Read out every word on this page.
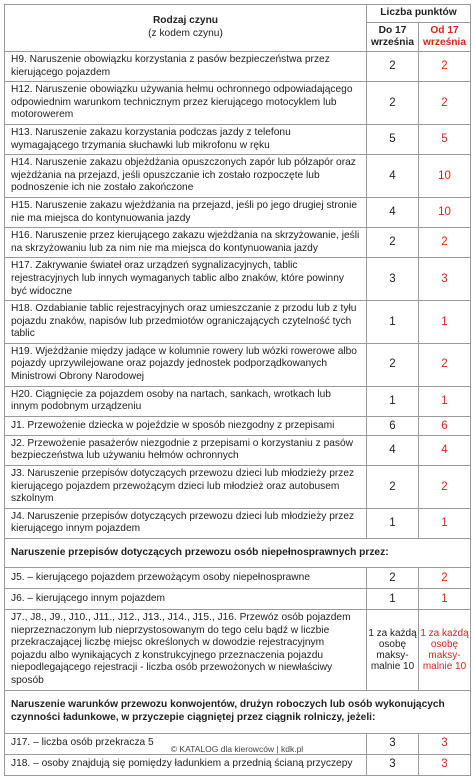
Rodzaj czynu
(z kodem czynu)	Liczba punktów	
	Do 17 września	Od 17 września
H9. Naruszenie obowiązku korzystania z pasów bezpieczeństwa przez kierującego pojazdem	2	2
H12. Naruszenie obowiązku używania hełmu ochronnego odpowiadającego odpowiednim warunkom technicznym przez kierującego motocyklem lub motorowerem	2	2
H13. Naruszenie zakazu korzystania podczas jazdy z telefonu wymagającego trzymania słuchawki lub mikrofonu w ręku	5	5
H14. Naruszenie zakazu objeżdżania opuszczonych zapór lub półzapór oraz wjeżdżania na przejazd, jeśli opuszczanie ich zostało rozpoczęte lub podnoszenie ich nie zostało zakończone	4	10
H15. Naruszenie zakazu wjeżdżania na przejazd, jeśli po jego drugiej stronie nie ma miejsca do kontynuowania jazdy	4	10
H16. Naruszenie przez kierującego zakazu wjeżdżania na skrzyżowanie, jeśli na skrzyżowaniu lub za nim nie ma miejsca do kontynuowania jazdy	2	2
H17. Zakrywanie świateł oraz urządzeń sygnalizacyjnych, tablic rejestracyjnych lub innych wymaganych tablic albo znaków, które powinny być widoczne	3	3
H18. Ozdabianie tablic rejestracyjnych oraz umieszczanie z przodu lub z tyłu pojazdu znaków, napisów lub przedmiotów ograniczających czytelność tych tablic	1	1
H19. Wjeżdżanie między jadące w kolumnie rowery lub wózki rowerowe albo pojazdy uprzywilejowane oraz pojazdy jednostek podporządkowanych Ministrowi Obrony Narodowej	2	2
H20. Ciągnięcie za pojazdem osoby na nartach, sankach, wrotkach lub innym podobnym urządzeniu	1	1
J1. Przewożenie dziecka w pojeździe w sposób niezgodny z przepisami	6	6
J2. Przewożenie pasażerów niezgodnie z przepisami o korzystaniu z pasów bezpieczeństwa lub używaniu hełmów ochronnych	4	4
J3. Naruszenie przepisów dotyczących przewozu dzieci lub młodzieży przez kierującego pojazdem przewożącym dzieci lub młodzież oraz autobusem szkolnym	2	2
J4. Naruszenie przepisów dotyczących przewozu dzieci lub młodzieży przez kierującego innym pojazdem	1	1
Naruszenie przepisów dotyczących przewozu osób niepełnosprawnych przez:		
J5. – kierującego pojazdem przewożącym osoby niepełnosprawne	2	2
J6. – kierującego innym pojazdem	1	1
J7., J8., J9., J10., J11., J12., J13., J14., J15., J16. Przewóz osób pojazdem nieprzeznaczonym lub nieprzystosowanym do tego celu bądź w liczbie przekraczającej liczbę miejsc określonych w dowodzie rejestracyjnym pojazdu albo wynikających z konstrukcyjnego przeznaczenia pojazdu niepodlegającego rejestracji - liczba osób przewożonych w niewłaściwy sposób	1 za każdą osobę maksy-malnie 10	1 za każdą osobę maksy-malnie 10
Naruszenie warunków przewozu konwojentów, drużyn roboczych lub osób wykonujących czynności ładunkowe, w przyczepie ciągniętej przez ciągnik rolniczy, jeżeli:		
J17. – liczba osób przekracza 5	3	3
J18. – osoby znajdują się pomiędzy ładunkiem a przednią ścianą przyczepy	3	3
© KATALOG dla kierowców | kdk.pl
